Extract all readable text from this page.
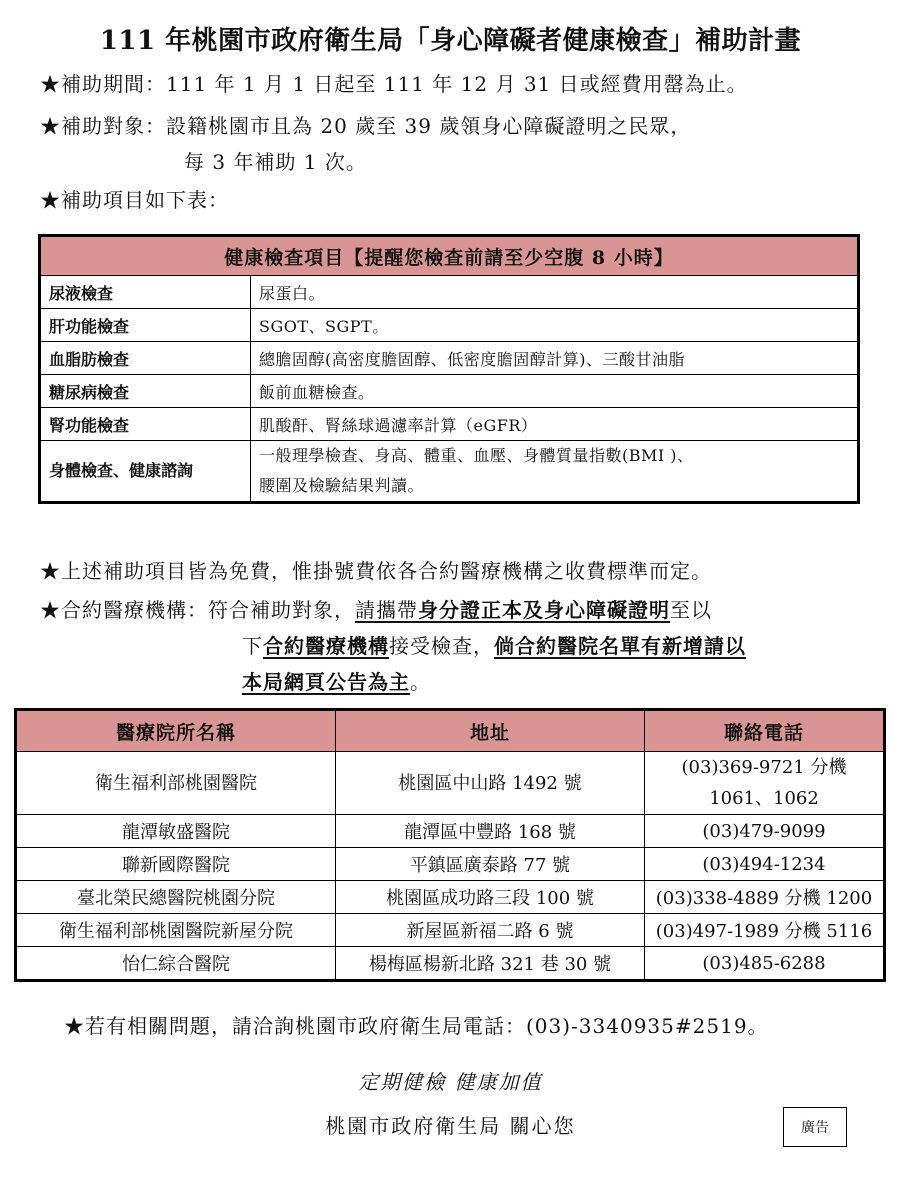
111 年桃園市政府衛生局「身心障礙者健康檢查」補助計畫
★補助期間：111 年 1 月 1 日起至 111 年 12 月 31 日或經費用罄為止。
★補助對象：設籍桃園市且為 20 歲至 39 歲領身心障礙證明之民眾，
每 3 年補助 1 次。
★補助項目如下表：
健康檢查項目【提醒您檢查前請至少空腹 8 小時】	
尿液檢查	尿蛋白。
肝功能檢查	SGOT、SGPT。
血脂肪檢查	總膽固醇(高密度膽固醇、低密度膽固醇計算)、三酸甘油脂
糖尿病檢查	飯前血糖檢查。
腎功能檢查	肌酸酐、腎絲球過濾率計算（eGFR）
身體檢查、健康諮詢	一般理學檢查、身高、體重、血壓、身體質量指數(BMI )、
腰圍及檢驗結果判讀。
★上述補助項目皆為免費，惟掛號費依各合約醫療機構之收費標準而定。
★合約醫療機構：符合補助對象，請攜帶身分證正本及身心障礙證明至以
下合約醫療機構接受檢查，倘合約醫院名單有新增請以
本局網頁公告為主。
醫療院所名稱	地址	聯絡電話
衛生福利部桃園醫院	桃園區中山路 1492 號	(03)369-9721 分機
1061、1062

龍潭敏盛醫院	龍潭區中豐路 168 號	(03)479-9099
聯新國際醫院	平鎮區廣泰路 77 號	(03)494-1234
臺北榮民總醫院桃園分院	桃園區成功路三段 100 號	(03)338-4889 分機 1200
衛生福利部桃園醫院新屋分院	新屋區新福二路 6 號	(03)497-1989 分機 5116
怡仁綜合醫院	楊梅區楊新北路 321 巷 30 號	(03)485-6288
★若有相關問題，請洽詢桃園市政府衛生局電話：(03)-3340935#2519。
定期健檢 健康加值
桃園市政府衛生局 關心您	廣告
